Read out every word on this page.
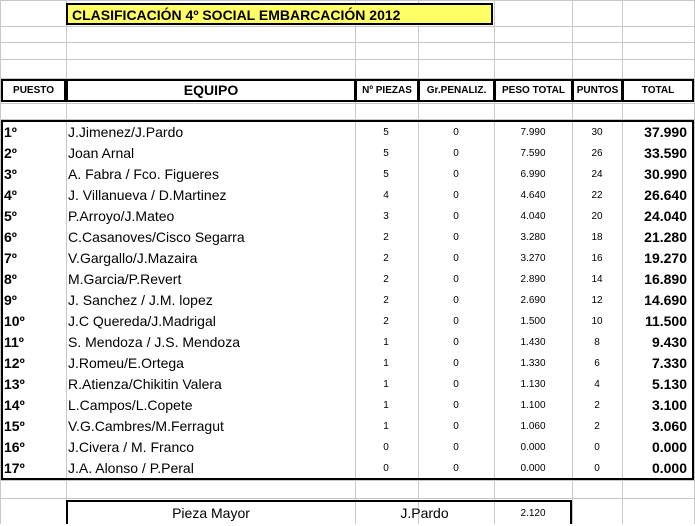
CLASIFICACIÓN 4º SOCIAL EMBARCACIÓN 2012
PUESTO	EQUIPO	Nº PIEZAS	Gr.PENALIZ.	PESO TOTAL	PUNTOS	TOTAL
1º	J.Jimenez/J.Pardo	5	0	7.990	30	37.990
2º	Joan Arnal	5	0	7.590	26	33.590
3º	A. Fabra / Fco. Figueres	5	0	6.990	24	30.990
4º	J. Villanueva / D.Martinez	4	0	4.640	22	26.640
5º	P.Arroyo/J.Mateo	3	0	4.040	20	24.040
6º	C.Casanoves/Cisco Segarra	2	0	3.280	18	21.280
7º	V.Gargallo/J.Mazaira	2	0	3.270	16	19.270
8º	M.Garcia/P.Revert	2	0	2.890	14	16.890
9º	J. Sanchez / J.M. lopez	2	0	2.690	12	14.690
10º	J.C Quereda/J.Madrigal	2	0	1.500	10	11.500
11º	S. Mendoza / J.S. Mendoza	1	0	1.430	8	9.430
12º	J.Romeu/E.Ortega	1	0	1.330	6	7.330
13º	R.Atienza/Chikitin Valera	1	0	1.130	4	5.130
14º	L.Campos/L.Copete	1	0	1.100	2	3.100
15º	V.G.Cambres/M.Ferragut	1	0	1.060	2	3.060
16º	J.Civera / M. Franco	0	0	0.000	0	0.000
17º	J.A. Alonso / P.Peral	0	0	0.000	0	0.000
Pieza Mayor	J.Pardo	2.120
